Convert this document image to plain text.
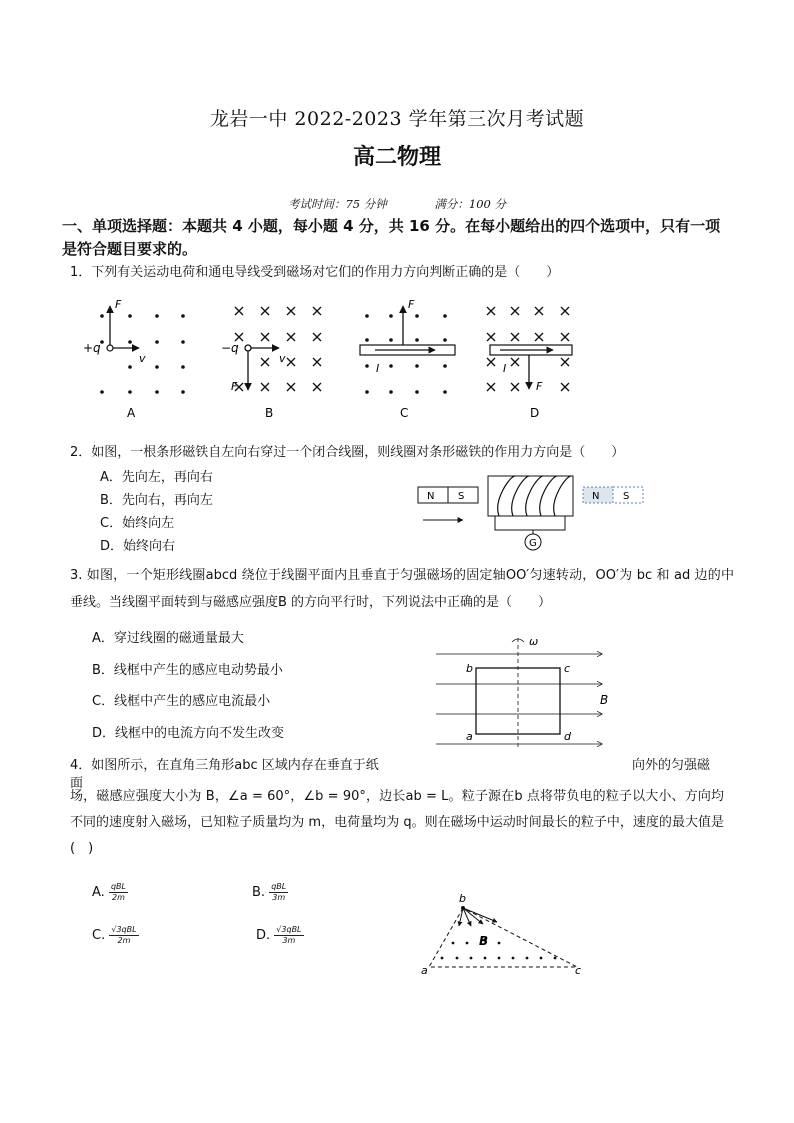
龙岩一中 2022-2023 学年第三次月考试题
高二物理
考试时间：75 分钟	满分：100 分
一、单项选择题：本题共 4 小题，每小题 4 分，共 16 分。在每小题给出的四个选项中，只有一项是符合题目要求的。
1．下列有关运动电荷和通电导线受到磁场对它们的作用力方向判断正确的是（　　）
F
+q
v
A
−q
v
F
B
F
I
C
I
F
D
2．如图，一根条形磁铁自左向右穿过一个闭合线圈，则线圈对条形磁铁的作用力方向是（　　）
A．先向左，再向右
B．先向右，再向左
C．始终向左
D．始终向右
N S
G
N S
3. 如图，一个矩形线圈abcd 绕位于线圈平面内且垂直于匀强磁场的固定轴OO′匀速转动，OO′为 bc 和 ad 边的中垂线。当线圈平面转到与磁感应强度B 的方向平行时，下列说法中正确的是（　　）
A．穿过线圈的磁通量最大
B．线框中产生的感应电动势最小
C．线框中产生的感应电流最小
D．线框中的电流方向不发生改变
ω
b	c
a	d
B
4．如图所示，在直角三角形abc 区域内存在垂直于纸面
向外的匀强磁
场，磁感应强度大小为 B，∠a = 60°，∠b = 90°，边长ab = L。粒子源在b 点将带负电的粒子以大小、方向均不同的速度射入磁场，已知粒子质量均为 m，电荷量均为 q。则在磁场中运动时间最长的粒子中，速度的最大值是(　)
A. $\frac{\text{qBL}}{2m}$	B. $\frac{\text{qBL}}{3m}$
C. $\frac{\text{√3qBL}}{2m}$	D. $\frac{\text{√3qBL}}{3m}$
b
a	c
B
